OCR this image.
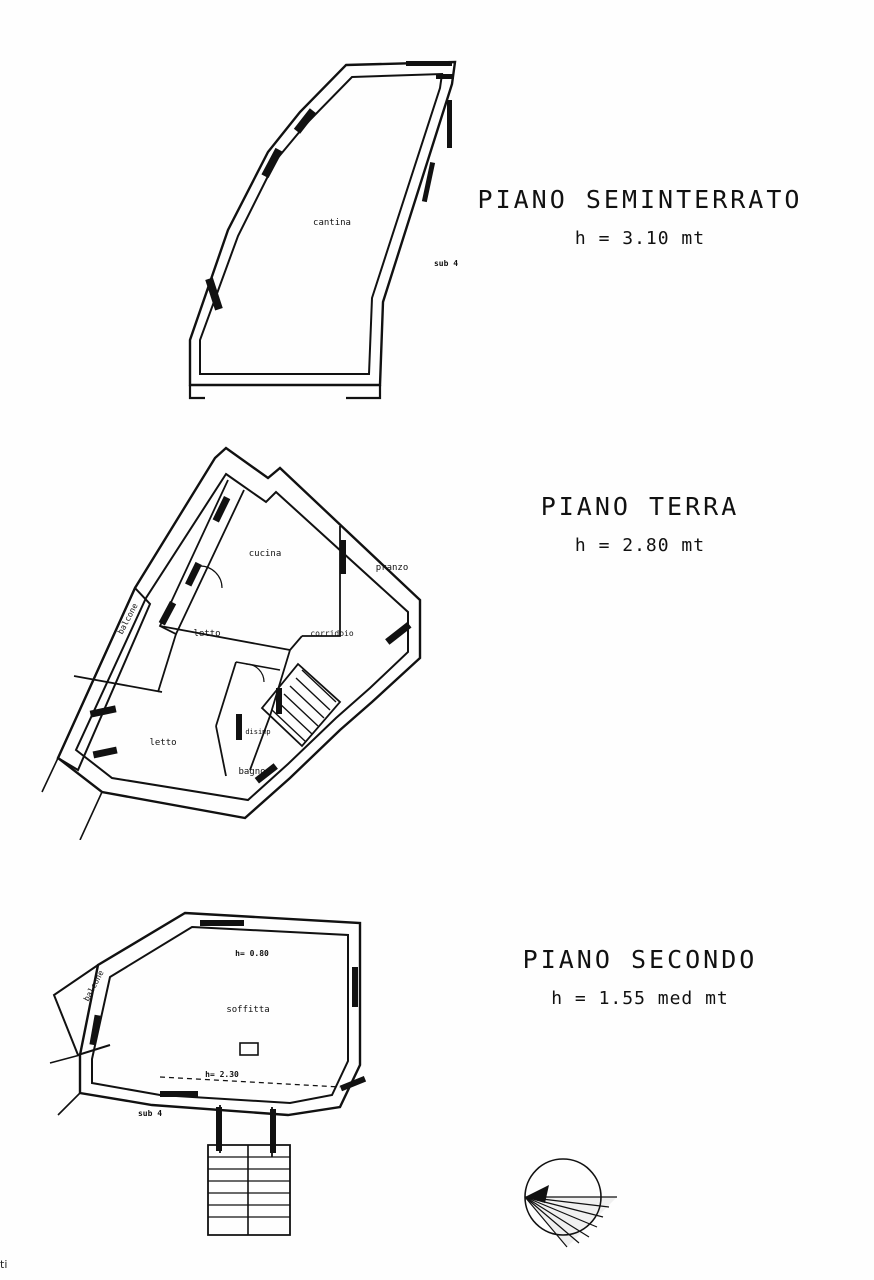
cantina
sub 4
PIANO SEMINTERRATO
h = 3.10 mt
cucina
pranzo
letto	corridoio
letto
bagno
disimp
balcone
PIANO TERRA
h = 2.80 mt
h= 0.80
soffitta
h= 2.30
sub 4
balcone
PIANO SECONDO
h = 1.55 med mt
ti
